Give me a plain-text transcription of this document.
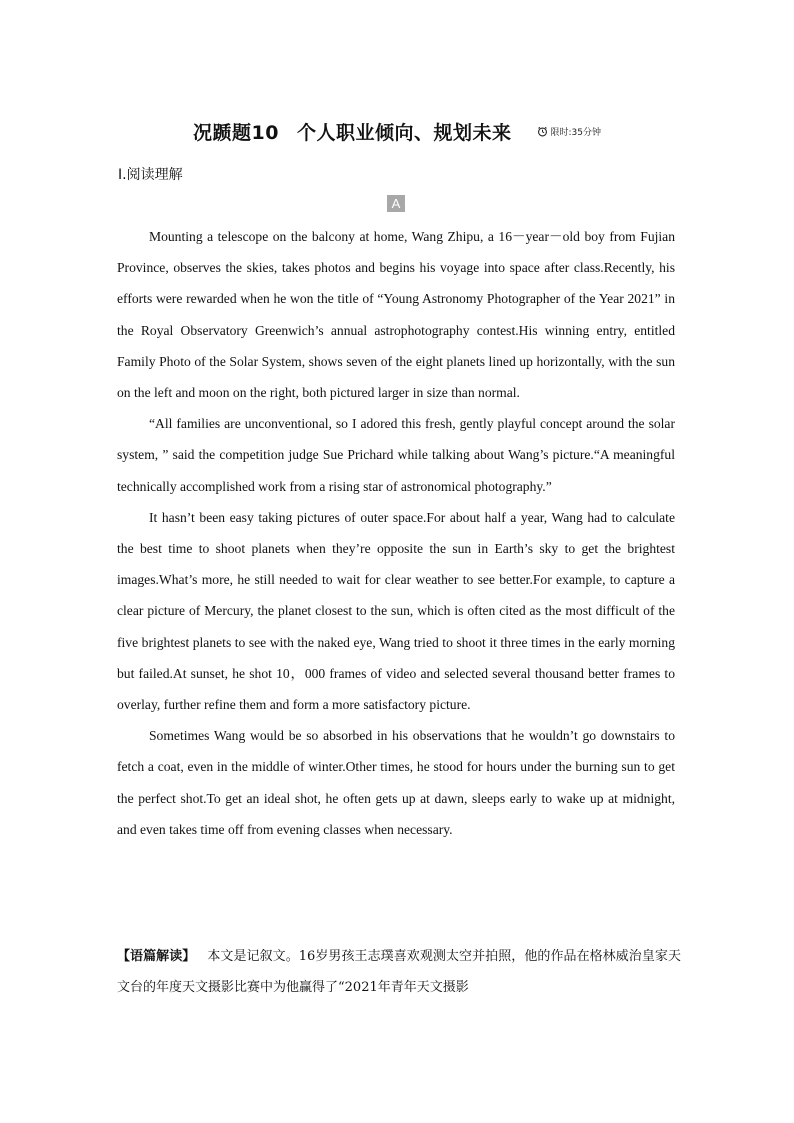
况踬题10 个人职业倾向、规划未来	限时:35分钟
Ⅰ.阅读理解
A

Mounting a telescope on the balcony at home, Wang Zhipu, a 16－year－old boy from Fujian Province, observes the skies, takes photos and begins his voyage into space after class.Recently, his efforts were rewarded when he won the title of “Young Astronomy Photographer of the Year 2021” in the Royal Observatory Greenwich’s annual astrophotography contest.His winning entry, entitled Family Photo of the Solar System, shows seven of the eight planets lined up horizontally, with the sun on the left and moon on the right, both pictured larger in size than normal.

“All families are unconventional, so I adored this fresh, gently playful concept around the solar system, ” said the competition judge Sue Prichard while talking about Wang’s picture.“A meaningful technically accomplished work from a rising star of astronomical photography.”

It hasn’t been easy taking pictures of outer space.For about half a year, Wang had to calculate the best time to shoot planets when they’re opposite the sun in Earth’s sky to get the brightest images.What’s more, he still needed to wait for clear weather to see better.For example, to capture a clear picture of Mercury, the planet closest to the sun, which is often cited as the most difficult of the five brightest planets to see with the naked eye, Wang tried to shoot it three times in the early morning but failed.At sunset, he shot 10，000 frames of video and selected several thousand better frames to overlay, further refine them and form a more satisfactory picture.

Sometimes Wang would be so absorbed in his observations that he wouldn’t go downstairs to fetch a coat, even in the middle of winter.Other times, he stood for hours under the burning sun to get the perfect shot.To get an ideal shot, he often gets up at dawn, sleeps early to wake up at midnight, and even takes time off from evening classes when necessary.

【语篇解读】 本文是记叙文。16岁男孩王志璞喜欢观测太空并拍照，他的作品在格林威治皇家天文台的年度天文摄影比赛中为他赢得了“2021年青年天文摄影
